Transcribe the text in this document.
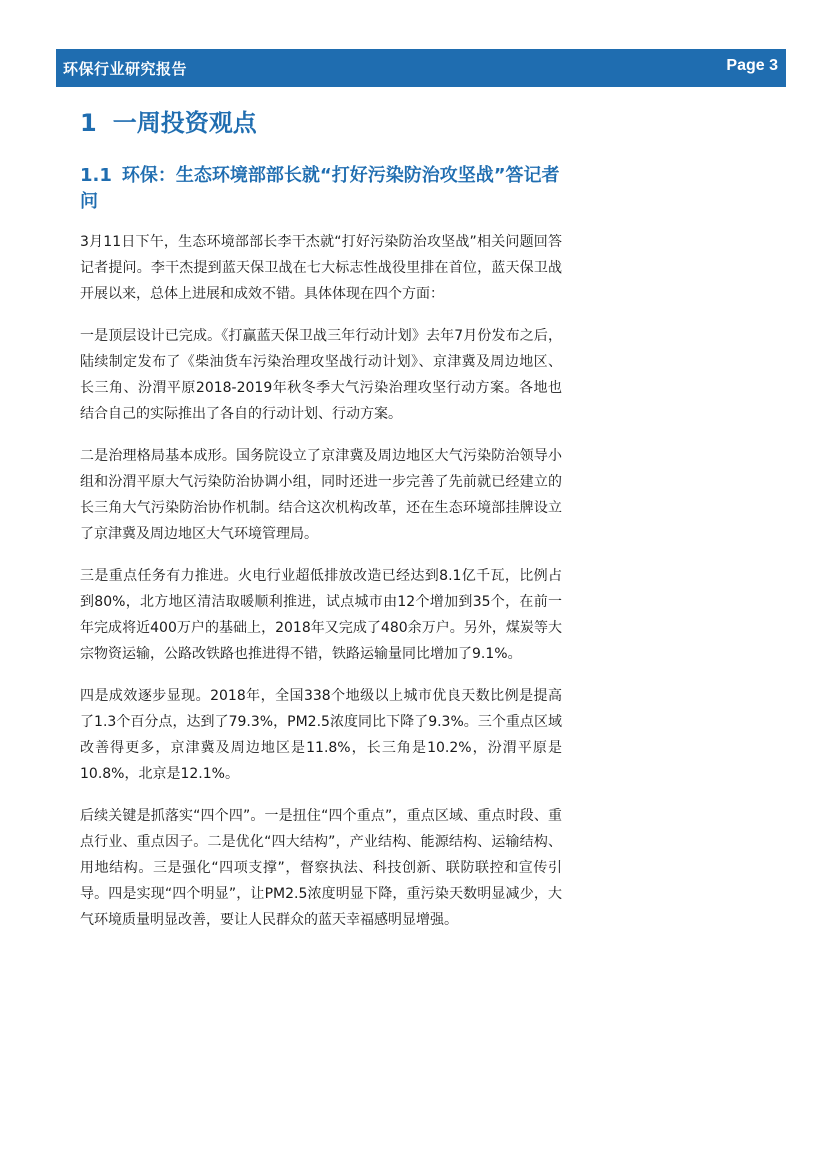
环保行业研究报告	Page 3
1 一周投资观点
1.1 环保：生态环境部部长就“打好污染防治攻坚战”答记者问

3月11日下午，生态环境部部长李干杰就“打好污染防治攻坚战”相关问题回答记者提问。李干杰提到蓝天保卫战在七大标志性战役里排在首位，蓝天保卫战开展以来，总体上进展和成效不错。具体体现在四个方面：

一是顶层设计已完成。《打赢蓝天保卫战三年行动计划》去年7月份发布之后，陆续制定发布了《柴油货车污染治理攻坚战行动计划》、京津冀及周边地区、长三角、汾渭平原2018-2019年秋冬季大气污染治理攻坚行动方案。各地也结合自己的实际推出了各自的行动计划、行动方案。

二是治理格局基本成形。国务院设立了京津冀及周边地区大气污染防治领导小组和汾渭平原大气污染防治协调小组，同时还进一步完善了先前就已经建立的长三角大气污染防治协作机制。结合这次机构改革，还在生态环境部挂牌设立了京津冀及周边地区大气环境管理局。

三是重点任务有力推进。火电行业超低排放改造已经达到8.1亿千瓦，比例占到80%，北方地区清洁取暖顺利推进，试点城市由12个增加到35个，在前一年完成将近400万户的基础上，2018年又完成了480余万户。另外，煤炭等大宗物资运输，公路改铁路也推进得不错，铁路运输量同比增加了9.1%。

四是成效逐步显现。2018年，全国338个地级以上城市优良天数比例是提高了1.3个百分点，达到了79.3%，PM2.5浓度同比下降了9.3%。三个重点区域改善得更多，京津冀及周边地区是11.8%，长三角是10.2%，汾渭平原是10.8%，北京是12.1%。

后续关键是抓落实“四个四”。一是扭住“四个重点”，重点区域、重点时段、重点行业、重点因子。二是优化“四大结构”，产业结构、能源结构、运输结构、用地结构。三是强化“四项支撑”，督察执法、科技创新、联防联控和宣传引导。四是实现“四个明显”，让PM2.5浓度明显下降，重污染天数明显减少，大气环境质量明显改善，要让人民群众的蓝天幸福感明显增强。
